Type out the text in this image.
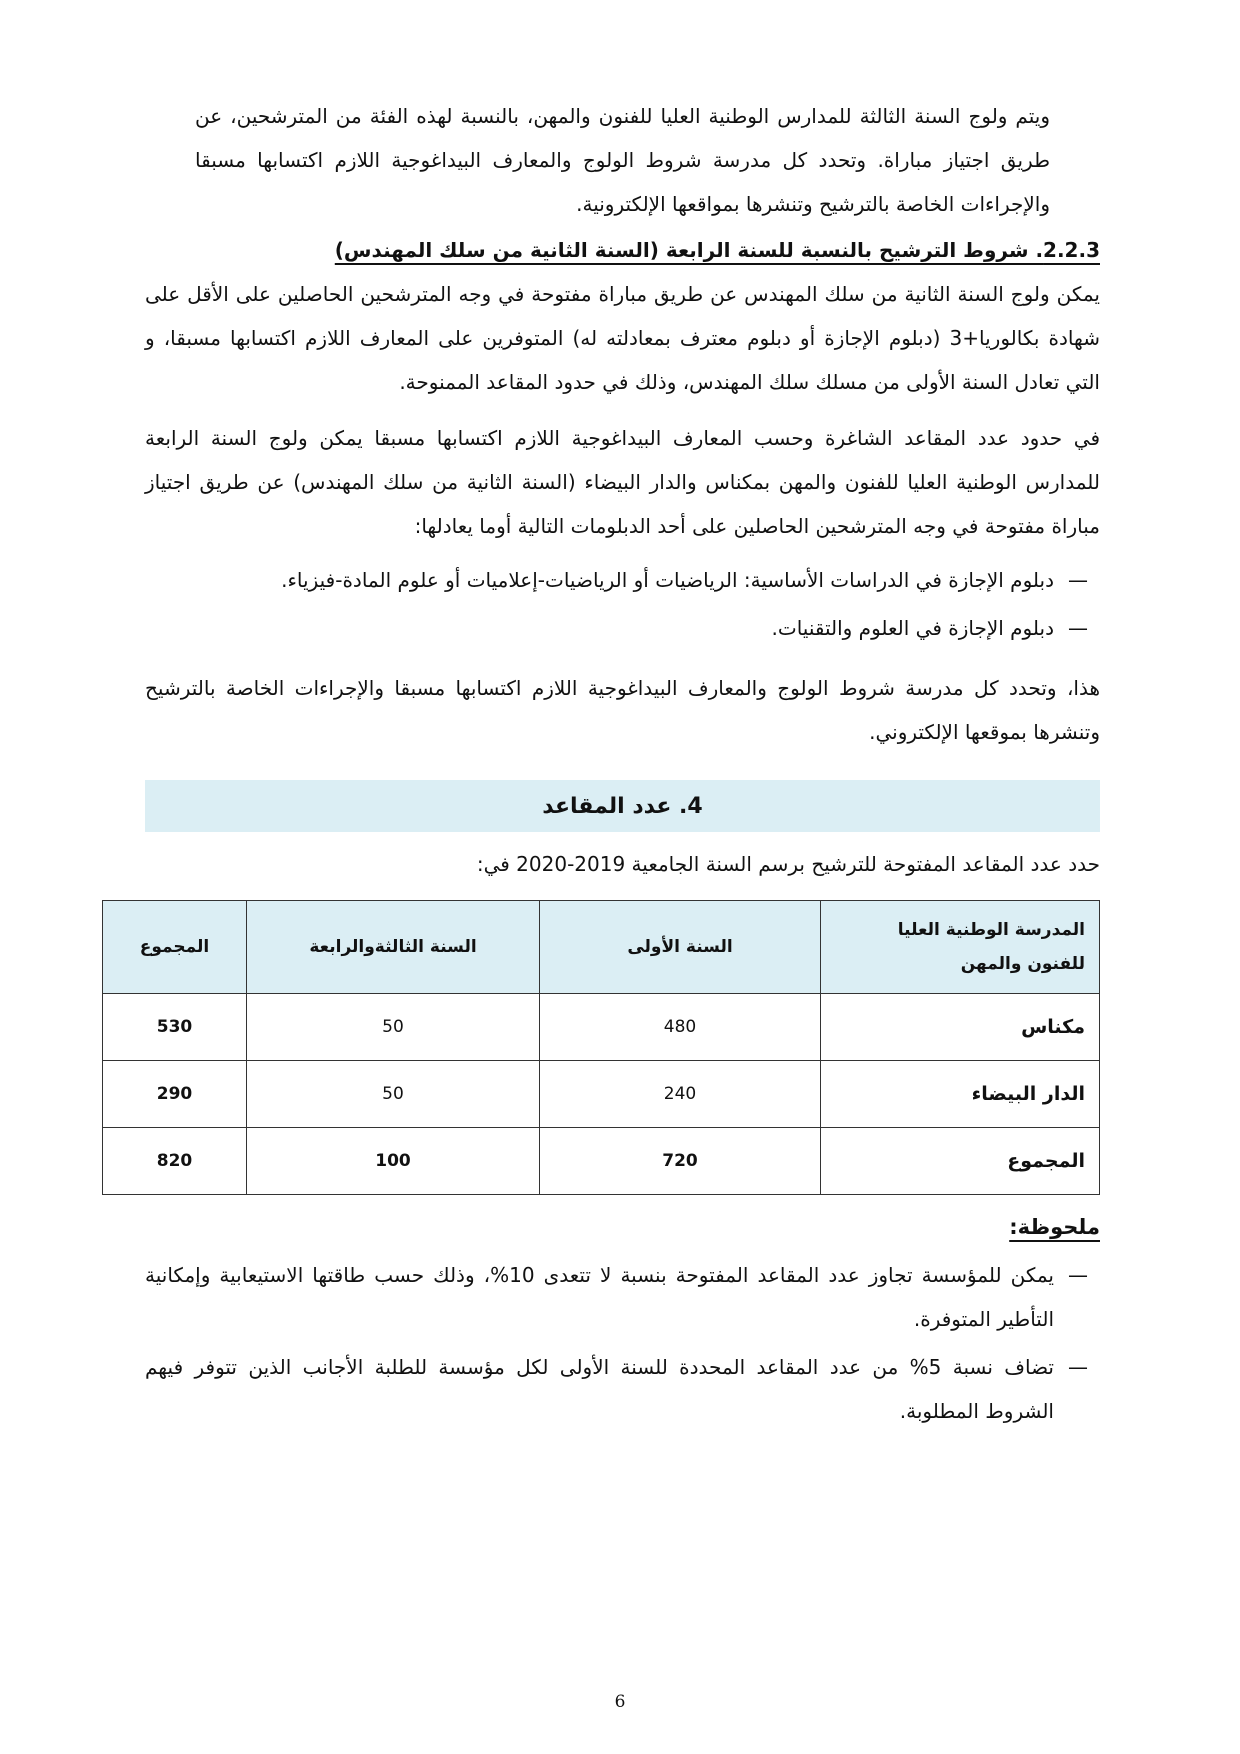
ويتم ولوج السنة الثالثة للمدارس الوطنية العليا للفنون والمهن، بالنسبة لهذه الفئة من المترشحين، عن طريق اجتياز مباراة. وتحدد كل مدرسة شروط الولوج والمعارف البيداغوجية اللازم اكتسابها مسبقا والإجراءات الخاصة بالترشيح وتنشرها بمواقعها الإلكترونية.

2.2.3. شروط الترشيح بالنسبة للسنة الرابعة (السنة الثانية من سلك المهندس)

يمكن ولوج السنة الثانية من سلك المهندس عن طريق مباراة مفتوحة في وجه المترشحين الحاصلين على الأقل على شهادة بكالوريا+3 (دبلوم الإجازة أو دبلوم معترف بمعادلته له) المتوفرين على المعارف اللازم اكتسابها مسبقا، و التي تعادل السنة الأولى من مسلك سلك المهندس، وذلك في حدود المقاعد الممنوحة.

في حدود عدد المقاعد الشاغرة وحسب المعارف البيداغوجية اللازم اكتسابها مسبقا يمكن ولوج السنة الرابعة للمدارس الوطنية العليا للفنون والمهن بمكناس والدار البيضاء (السنة الثانية من سلك المهندس) عن طريق اجتياز مباراة مفتوحة في وجه المترشحين الحاصلين على أحد الدبلومات التالية أوما يعادلها:

—
دبلوم الإجازة في الدراسات الأساسية: الرياضيات أو الرياضيات-إعلاميات أو علوم المادة-فيزياء.
—
دبلوم الإجازة في العلوم والتقنيات.

هذا، وتحدد كل مدرسة شروط الولوج والمعارف البيداغوجية اللازم اكتسابها مسبقا والإجراءات الخاصة بالترشيح وتنشرها بموقعها الإلكتروني.

4. عدد المقاعد
حدد عدد المقاعد المفتوحة للترشيح برسم السنة الجامعية 2019-2020 في:
المدرسة الوطنية العليا للفنون والمهن	السنة الأولى	السنة الثالثةوالرابعة	المجموع
مكناس	480	50	530
الدار البيضاء	240	50	290
المجموع	720	100	820
ملحوظة:
—
يمكن للمؤسسة تجاوز عدد المقاعد المفتوحة بنسبة لا تتعدى 10%، وذلك حسب طاقتها الاستيعابية وإمكانية التأطير المتوفرة.
—
تضاف نسبة 5% من عدد المقاعد المحددة للسنة الأولى لكل مؤسسة للطلبة الأجانب الذين تتوفر فيهم الشروط المطلوبة.
6
